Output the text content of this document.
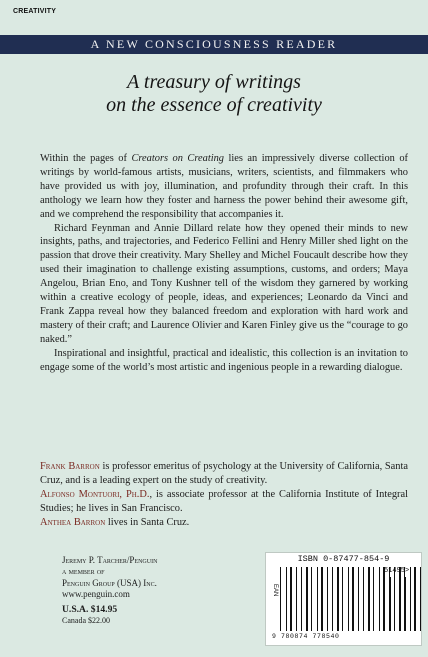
CREATIVITY
A NEW CONSCIOUSNESS READER
A treasury of writings
on the essence of creativity

Within the pages of Creators on Creating lies an impressively diverse collection of writings by world-famous artists, musicians, writers, scientists, and filmmakers who have provided us with joy, illumination, and profundity through their craft. In this anthology we learn how they foster and harness the power behind their awesome gift, and we comprehend the responsibility that accompanies it.

Richard Feynman and Annie Dillard relate how they opened their minds to new insights, paths, and trajectories, and Federico Fellini and Henry Miller shed light on the passion that drove their creativity. Mary Shelley and Michel Foucault describe how they used their imagination to challenge existing assumptions, customs, and orders; Maya Angelou, Brian Eno, and Tony Kushner tell of the wisdom they garnered by working within a creative ecology of people, ideas, and experiences; Leonardo da Vinci and Frank Zappa reveal how they balanced freedom and exploration with hard work and mastery of their craft; and Laurence Olivier and Karen Finley give us the “courage to go naked.”

Inspirational and insightful, practical and idealistic, this collection is an invitation to engage some of the world’s most artistic and ingenious people in a rewarding dialogue.

Frank Barron is professor emeritus of psychology at the University of California, Santa Cruz, and is a leading expert on the study of creativity.

Alfonso Montuori, Ph.D., is associate professor at the California Institute of Integral Studies; he lives in San Francisco.

Anthea Barron lives in Santa Cruz.

Jeremy P. Tarcher/Penguin
a member of
Penguin Group (USA) Inc.
www.penguin.com
U.S.A. $14.95
Canada $22.00
ISBN 0-87477-854-9
51495>
EAN
9 780874 778540
